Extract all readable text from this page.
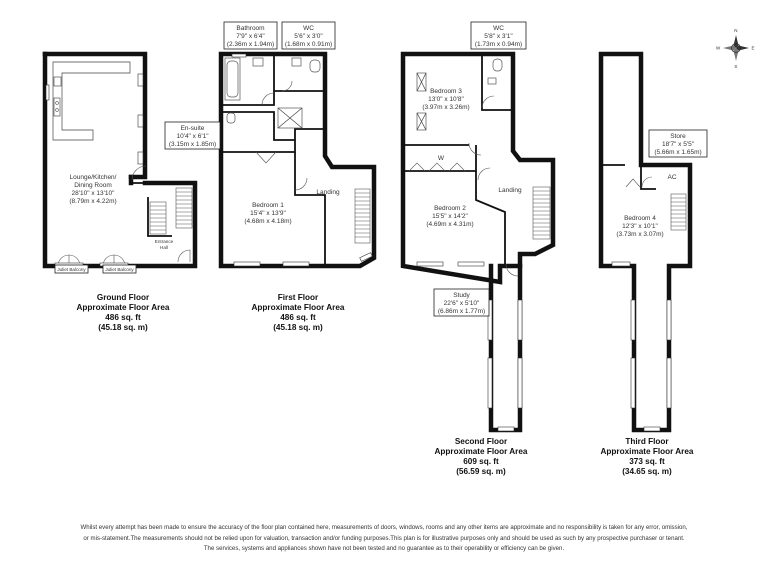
N
S
E
W
Lounge/Kitchen/
Dining Room
28'10" x 13'10"
(8.79m x 4.22m)
Entrance
Hall
Juliet Balcony	Juliet Balcony
Ground Floor
Approximate Floor Area
486 sq. ft
(45.18 sq. m)
Bathroom
7'9" x 6'4"
(2.36m x 1.94m)
WC
5'6" x 3'0"
(1.68m x 0.91m)
En-suite
10'4" x 6'1"
(3.15m x 1.85m)
Bedroom 1
15'4" x 13'9"
(4.68m x 4.18m)
Landing
First Floor
Approximate Floor Area
486 sq. ft
(45.18 sq. m)
WC
5'8" x 3'1"
(1.73m x 0.94m)
Bedroom 3
13'0" x 10'8"
(3.97m x 3.26m)
W
Landing
Bedroom 2
15'5" x 14'2"
(4.69m x 4.31m)
Study
22'6" x 5'10"
(6.86m x 1.77m)
Second Floor
Approximate Floor Area
609 sq. ft
(56.59 sq. m)
Store
18'7" x 5'5"
(5.66m x 1.65m)
AC
Bedroom 4
12'3" x 10'1"
(3.73m x 3.07m)
Third Floor
Approximate Floor Area
373 sq. ft
(34.65 sq. m)
Whilst every attempt has been made to ensure the accuracy of the floor plan contained here, measurements of doors, windows, rooms and any other items are approximate and no responsibility is taken for any error, omission,
or mis-statement.The measurements should not be relied upon for valuation, transaction and/or funding purposes.This plan is for illustrative purposes only and should be used as such by any prospective purchaser or tenant.
The services, systems and appliances shown have not been tested and no guarantee as to their operability or efficiency can be given.
